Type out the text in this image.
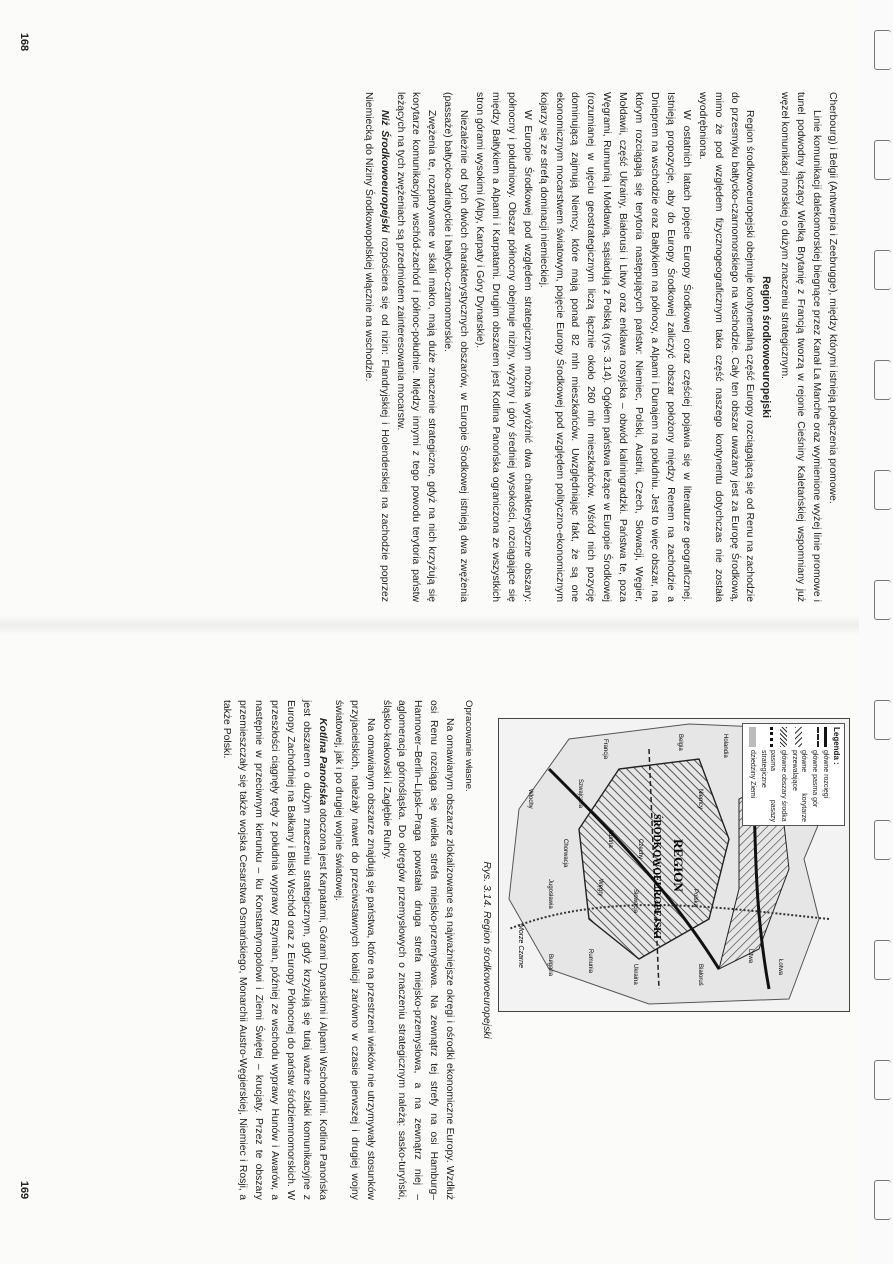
168
169

Cherbourg) i Belgii (Antwerpia i Zeebrugge), między którymi istnieją połączenia promowe.

Linie komunikacji dalekomorskiej biegnące przez Kanał La Manche oraz wymienione wyżej linie promowe i tunel podwodny łączący Wielką Brytanię z Francją tworzą w rejonie Cieśniny Kaletańskiej wspomniany już węzeł komunikacji morskiej o dużym znaczeniu strategicznym.

Region środkowoeuropejski

Region środkowoeuropejski obejmuje kontynentalną część Europy rozciągającą się od Renu na zachodzie do przesmyku bałtycko-czarnomorskiego na wschodzie. Cały ten obszar uważany jest za Europę Środkową, mimo że pod względem fizycznogeograficznym taka część naszego kontynentu dotychczas nie została wyodrębniona.

W ostatnich latach pojęcie Europy Środkowej coraz częściej pojawia się w literaturze geograficznej. Istnieją propozycje, aby do Europy Środkowej zaliczyć obszar położony między Renem na zachodzie a Dnieprem na wschodzie oraz Bałtykiem na północy, a Alpami i Dunajem na południu. Jest to więc obszar, na którym rozciągają się terytoria następujących państw: Niemiec, Polski, Austrii, Czech, Słowacji, Węgier, Mołdawii, część Ukrainy, Białorusi i Litwy oraz enklawa rosyjska – obwód kaliningradzki. Państwa te, poza Węgrami, Rumunią i Mołdawią, sąsiadują z Polską (rys. 3.14). Ogółem państwa leżące w Europie Środkowej (rozumianej w ujęciu geostrategicznym liczą łącznie około 260 mln mieszkańców. Wśród nich pozycję dominującą zajmują Niemcy, które mają ponad 82 mln mieszkańców. Uwzględniając fakt, że są one ekonomicznym mocarstwem światowym, pojęcie Europy Środkowej pod względem polityczno-ekonomicznym kojarzy się ze strefą dominacji niemieckiej.

W Europie Środkowej pod względem strategicznym można wyróżnić dwa charakterystyczne obszary: północny i południowy. Obszar północny obejmuje niziny, wyżyny i góry średniej wysokości, rozciągające się między Bałtykiem a Alpami i Karpatami. Drugim obszarem jest Kotlina Panońska ograniczona ze wszystkich stron górami wysokimi (Alpy, Karpaty i Góry Dynarskie).

Niezależnie od tych dwóch charakterystycznych obszarów, w Europie Środkowej istnieją dwa zwężenia (passaże) bałtycko-adriatyckie i bałtycko-czarnomorskie.

Zwężenia te, rozpatrywane w skali makro, mają duże znaczenie strategiczne, gdyż na nich krzyżują się korytarze komunikacyjne wschód-zachód i północ-południe. Między innymi z tego powodu terytoria państw leżących na tych zwężeniach są przedmiotem zainteresowania mocarstw.

Niż Środkowoeuropejski rozpościera się od nizin: Flandryjskiej i Holenderskiej na zachodzie poprzez Niemiecką do Niziny Środkowopolskiej włącznie na wschodzie.

REGION
ŚRODKOWOEUROPEJSKI
Morze Czarne	Łotwa
Litwa
Niemcy
Holandia
Belgia
Francja
Szwajcaria
Austria
Czechy
Słowacja
Węgry
Rumunia
Bułgaria
Jugosławia
Chorwacja
Włochy
Białoruś
Ukraina
Polska
Legenda :
główne rozcięgi
główne pasma gór
główne korytarze przewalające
główne obszary środka
pasma pasazy strategiczne
dziedziny Ziemi
Rys. 3.14. Region środkowoeuropejski
Opracowanie własne.

Na omawianym obszarze zlokalizowane są najważniejsze okręgi i ośrodki ekonomiczne Europy. Wzdłuż osi Renu rozciąga się wielka strefa miejsko-przemysłowa. Na zewnątrz tej strefy na osi Hamburg–Hannover–Berlin–Lipsk–Praga powstała druga strefa miejsko-przemysłowa, a na zewnątrz niej – aglomeracja górnośląska. Do okręgów przemysłowych o znaczeniu strategicznym należą: sasko-turyński, śląsko-krakowski i Zagłębie Ruhry.

Na omawianym obszarze znajdują się państwa, które na przestrzeni wieków nie utrzymywały stosunków przyjacielskich, należały nawet do przeciwstawnych koalicji zarówno w czasie pierwszej i drugiej wojny światowej, jak i po drugiej wojnie światowej.

Kotlina Panońska otoczona jest Karpatami, Górami Dynarskimi i Alpami Wschodnimi. Kotlina Panońska jest obszarem o dużym znaczeniu strategicznym, gdyż krzyżują się tutaj ważne szlaki komunikacyjne z Europy Zachodniej na Bałkany i Bliski Wschód oraz z Europy Północnej do państw śródziemnomorskich. W przeszłości ciągnęły tędy z południa wyprawy Rzymian, później ze wschodu wyprawy Hunów i Awarów, a następnie w przeciwnym kierunku – ku Konstantynopolowi i Ziemi Świętej – krucjaty. Przez te obszary przemieszczały się także wojska Cesarstwa Osmańskiego, Monarchii Austro-Węgierskiej, Niemiec i Rosji, a także Polski.
